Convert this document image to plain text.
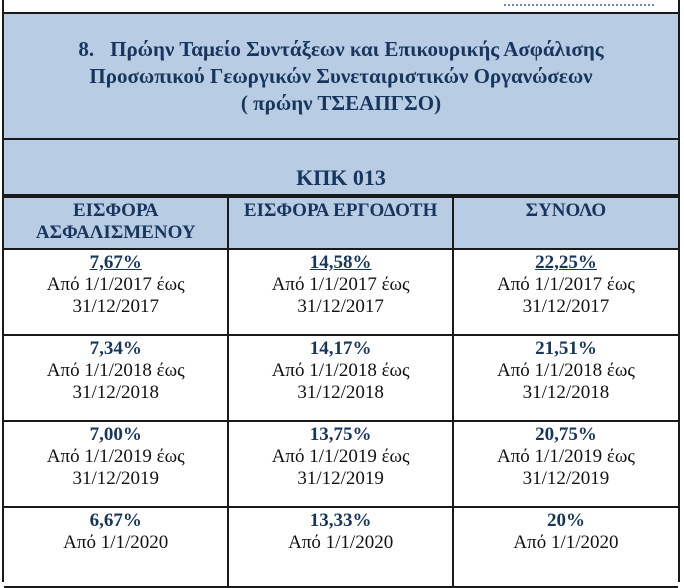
8. Πρώην Ταμείο Συντάξεων και Επικουρικής Ασφάλισης
Προσωπικού Γεωργικών Συνεταιριστικών Οργανώσεων
( πρώην ΤΣΕΑΠΓΣΟ)
ΚΠΚ 013
ΕΙΣΦΟΡΑ ΑΣΦΑΛΙΣΜΕΝΟΥ	ΕΙΣΦΟΡΑ ΕΡΓΟΔΟΤΗ	ΣΥΝΟΛΟ

7,67%
Από 1/1/2017 έως
31/12/2017	14,58%
Από 1/1/2017 έως
31/12/2017	22,25%
Από 1/1/2017 έως
31/12/2017

7,34%
Από 1/1/2018 έως
31/12/2018	14,17%
Από 1/1/2018 έως
31/12/2018	21,51%
Από 1/1/2018 έως
31/12/2018

7,00%
Από 1/1/2019 έως
31/12/2019	13,75%
Από 1/1/2019 έως
31/12/2019	20,75%
Από 1/1/2019 έως
31/12/2019

6,67%
Από 1/1/2020	13,33%
Από 1/1/2020	20%
Από 1/1/2020
